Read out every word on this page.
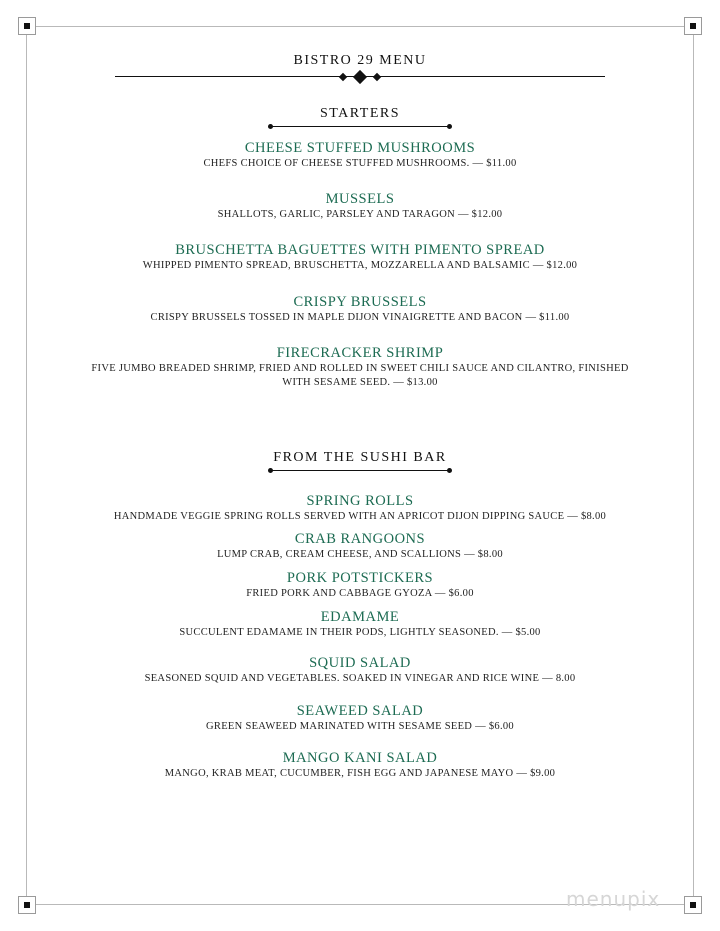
BISTRO 29 MENU
STARTERS
CHEESE STUFFED MUSHROOMS
CHEFS CHOICE OF CHEESE STUFFED MUSHROOMS. — $11.00
MUSSELS
SHALLOTS, GARLIC, PARSLEY AND TARAGON — $12.00
BRUSCHETTA BAGUETTES WITH PIMENTO SPREAD
WHIPPED PIMENTO SPREAD, BRUSCHETTA, MOZZARELLA AND BALSAMIC — $12.00
CRISPY BRUSSELS
CRISPY BRUSSELS TOSSED IN MAPLE DIJON VINAIGRETTE AND BACON — $11.00
FIRECRACKER SHRIMP
FIVE JUMBO BREADED SHRIMP, FRIED AND ROLLED IN SWEET CHILI SAUCE AND CILANTRO, FINISHED WITH SESAME SEED. — $13.00
FROM THE SUSHI BAR
SPRING ROLLS
HANDMADE VEGGIE SPRING ROLLS SERVED WITH AN APRICOT DIJON DIPPING SAUCE — $8.00
CRAB RANGOONS
LUMP CRAB, CREAM CHEESE, AND SCALLIONS — $8.00
PORK POTSTICKERS
FRIED PORK AND CABBAGE GYOZA — $6.00
EDAMAME
SUCCULENT EDAMAME IN THEIR PODS, LIGHTLY SEASONED. — $5.00
SQUID SALAD
SEASONED SQUID AND VEGETABLES. SOAKED IN VINEGAR AND RICE WINE — 8.00
SEAWEED SALAD
GREEN SEAWEED MARINATED WITH SESAME SEED — $6.00
MANGO KANI SALAD
MANGO, KRAB MEAT, CUCUMBER, FISH EGG AND JAPANESE MAYO — $9.00
menupix
